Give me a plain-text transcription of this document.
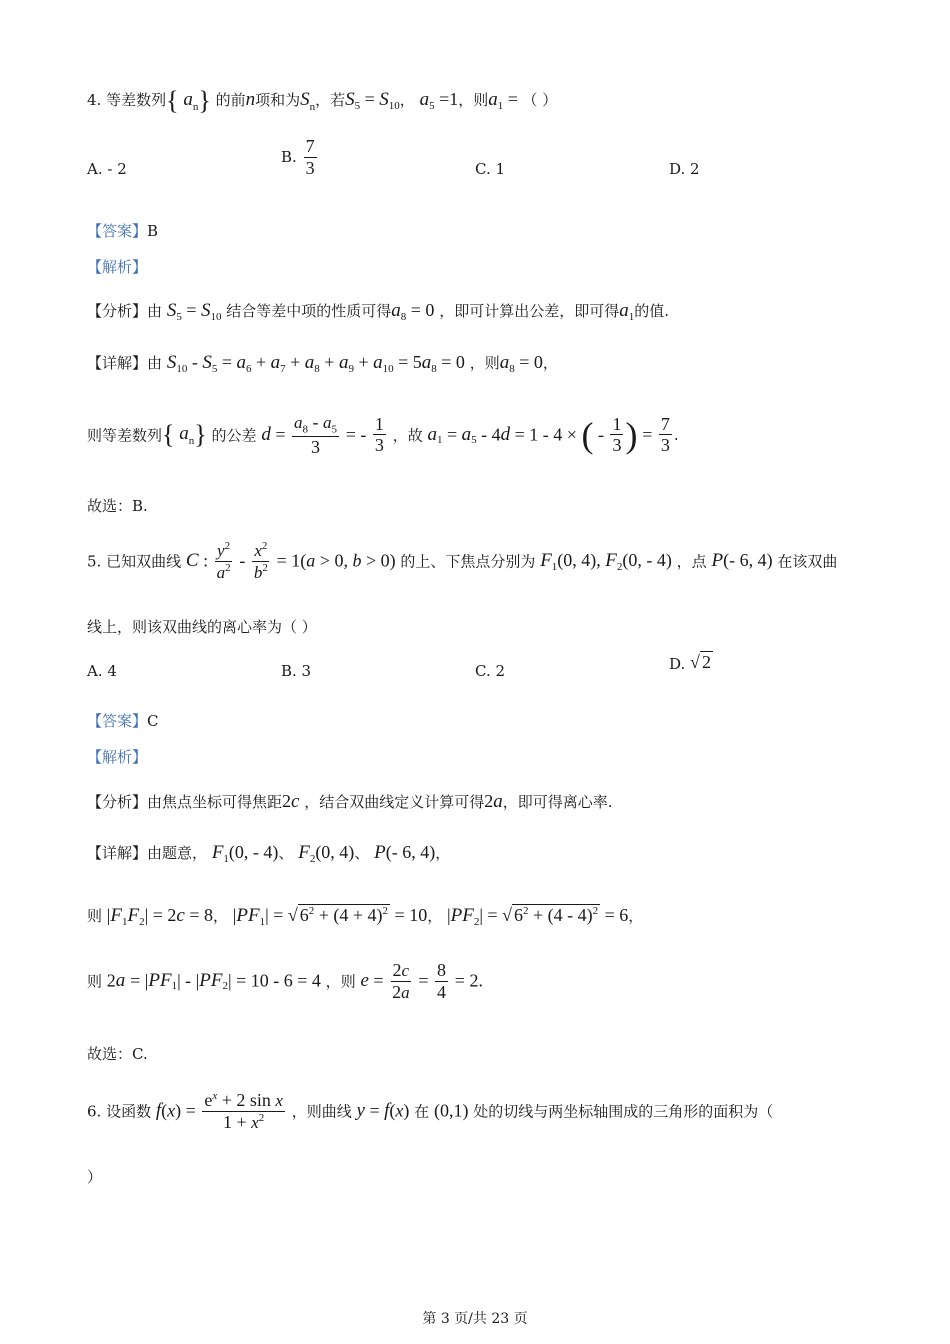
4. 等差数列{ $a_n$} 的前n项和为$S_n$，若$S_5 = S_{10}$， $a_5 =1$，则$a_1$ = （ ）
A. - 2
B. $\frac{7}{3}$	C. 1	D. 2
【答案】B
【解析】
【分析】由 $S_5 = S_{10}$ 结合等差中项的性质可得$a_8 = 0$ ，即可计算出公差，即可得$a_1$的值.
【详解】由 $S_{10} - S_5 = a_6 + a_7 + a_8 + a_9 + a_{10} = 5a_8 = 0$ ，则$a_8 = 0$，
则等差数列{ $a_n$} 的公差 $d = \frac{a_8 - a_5}{3}$ = - $\frac{1}{3}$ ，故 $a_1 = a_5 - 4d = 1 - 4$ × ( - $\frac{1}{3}$ ) = $\frac{7}{3}$ .
故选：B.
5. 已知双曲线 C : $\frac{y^2}{a^2} - \frac{x^2}{b^2} = 1(a > 0$, b > 0) 的上、下焦点分别为 $F_1(0$, 4), $F_2(0$, - 4) ，点 P(- 6, 4) 在该双曲
线上，则该双曲线的离心率为（ ）
A. 4	B. 3	C. 2	D. √ 2
【答案】C
【解析】
【分析】由焦点坐标可得焦距2c ，结合双曲线定义计算可得2a，即可得离心率.
【详解】由题意， $F_1(0$, - 4)、 $F_2(0$, 4)、 P(- 6, 4)，
则 $|F_1F_2| = 2c = 8$， $|PF_1|$ = √ $6^2 + (4 + 4)^2 = 10$， $|PF_2|$ = √ $6^2 + (4 - 4)^2 = 6$，
则 $2a = |PF_1| - |PF_2| = 10 - 6 = 4$ ，则 $e = \frac{2c}{2a} = \frac{8}{4} = 2$.
故选：C.
6. 设函数 $f(x) = \frac{e^x + 2 \sin x}{1 + x^2}$ ，则曲线 y = f(x) 在 (0,1) 处的切线与两坐标轴围成的三角形的面积为（
）
第 3 页/共 23 页
